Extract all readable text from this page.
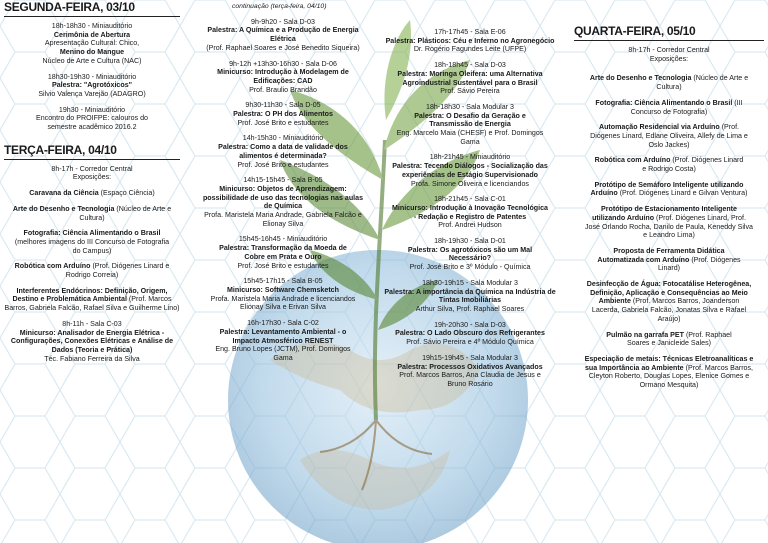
SEGUNDA-FEIRA, 03/10
18h-18h30 - Miniauditório
Cerimônia de Abertura
Apresentação Cultural: Chico,
Menino do Mangue
Núcleo de Arte e Cultura (NAC)
18h30-19h30 - Miniauditório
Palestra: "Agrotóxicos"
Silvio Valença Varejão (ADAGRO)
19h30 - Miniauditório
Encontro do PROIFPE: calouros do
semestre acadêmico 2016.2
TERÇA-FEIRA, 04/10
8h-17h - Corredor Central
Exposições:
Caravana da Ciência (Espaço Ciência)
Arte do Desenho e Tecnologia (Núcleo de Arte e Cultura)
Fotografia: Ciência Alimentando o Brasil (melhores imagens do III Concurso de Fotografia do Campus)
Robótica com Arduíno (Prof. Diógenes Linard e Rodrigo Correia)
Interferentes Endócrinos: Definição, Origem, Destino e Problemática Ambiental (Prof. Marcos Barros, Gabriela Falcão, Rafael Silva e Guilherme Lino)
8h-11h - Sala C-03
Minicurso: Analisador de Energia Elétrica - Configurações, Conexões Elétricas e Análise de Dados (Teoria e Prática)
Téc. Fabiano Ferreira da Silva
continuação (terça-feira, 04/10)
9h-9h20 - Sala D-03
Palestra: A Química e a Produção de Energia Elétrica
(Prof. Raphael Soares e José Benedito Siqueira)
9h-12h +13h30-16h30 - Sala D-06
Minicurso: Introdução à Modelagem de Edificações: CAD
Prof. Braulio Brandão
9h30-11h30 - Sala D-05
Palestra: O PH dos Alimentos
Prof. José Brito e estudantes
14h-15h30 - Miniauditório
Palestra: Como a data de validade dos alimentos é determinada?
Prof. José Brito e estudantes
14h15-15h45 - Sala B-05
Minicurso: Objetos de Aprendizagem: possibilidade de uso das tecnologias nas aulas de Química
Profa. Maristela Maria Andrade, Gabriela Falcão e Elionay Silva
15h45-16h45 - Miniauditório
Palestra: Transformação da Moeda de Cobre em Prata e Ouro
Prof. José Brito e estudantes
15h45-17h15 - Sala B-05
Minicurso: Software Chemsketch
Profa. Maristela Maria Andrade e licenciandos Elionay Silva e Erivan Silva
16h-17h30 - Sala C-02
Palestra: Levantamento Ambiental - o Impacto Atmosférico RENEST
Eng. Bruno Lopes (JCTM), Prof. Domingos Gama
17h-17h45 - Sala E-06
Palestra: Plásticos: Céu e Inferno no Agronegócio
Dr. Rogério Fagundes Leite (UFPE)
18h-18h45 - Sala D-03
Palestra: Moringa Oleifera: uma Alternativa Agroindustrial Sustentável para o Brasil
Prof. Sávio Pereira
18h-18h30 - Sala Modular 3
Palestra: O Desafio da Geração e Transmissão de Energia
Eng. Marcelo Maia (CHESF) e Prof. Domingos Gama
18h-21h45 - Miniauditório
Palestra: Tecendo Diálogos - Socialização das experiências de Estágio Supervisionado
Profa. Simone Oliveira e licenciandos
18h-21h45 - Sala C-01
Minicurso: Introdução à Inovação Tecnológica - Redação e Registro de Patentes
Prof. Andrei Hudson
18h-19h30 - Sala D-01
Palestra: Os agrotóxicos são um Mal Necessário?
Prof. José Brito e 3º Módulo - Química
18h30-19h15 - Sala Modular 3
Palestra: A importância da Química na Indústria de Tintas Imobiliárias
Arthur Silva, Prof. Raphael Soares
19h-20h30 - Sala D-03
Palestra: O Lado Obscuro dos Refrigerantes
Prof. Sávio Pereira e 4º Módulo Química
19h15-19h45 - Sala Modular 3
Palestra: Processos Oxidativos Avançados
Prof. Marcos Barros, Ana Claudia de Jesus e Bruno Rosário
QUARTA-FEIRA, 05/10
8h-17h - Corredor Central
Exposições:
Arte do Desenho e Tecnologia (Núcleo de Arte e Cultura)
Fotografia: Ciência Alimentando o Brasil (III Concurso de Fotografia)
Automação Residencial via Arduíno (Prof. Diógenes Linard, Edlane Oliveira, Allefy de Lima e Oslo Jackes)
Robótica com Arduíno (Prof. Diógenes Linard e Rodrigo Costa)
Protótipo de Semáforo Inteligente utilizando Arduíno (Prof. Diógenes Linard e Gilvan Ventura)
Protótipo de Estacionamento Inteligente utilizando Arduíno (Prof. Diógenes Linard, Prof. José Orlando Rocha, Danilo de Paula, Keneddy Silva e Leandro Lima)
Proposta de Ferramenta Didática Automatizada com Arduíno (Prof. Diógenes Linard)
Desinfecção de Água: Fotocatálise Heterogênea, Definição, Aplicação e Consequências ao Meio Ambiente (Prof. Marcos Barros, Joanderson Lacerda, Gabriela Falcão, Jonatas Silva e Rafael Araújo)
Pulmão na garrafa PET (Prof. Raphael Soares e Janicleide Sales)
Especiação de metais: Técnicas Eletroanalíticas e sua Importância ao Ambiente (Prof. Marcos Barros, Cleyton Roberto, Douglas Lopes, Elenice Gomes e Ormano Mesquita)
